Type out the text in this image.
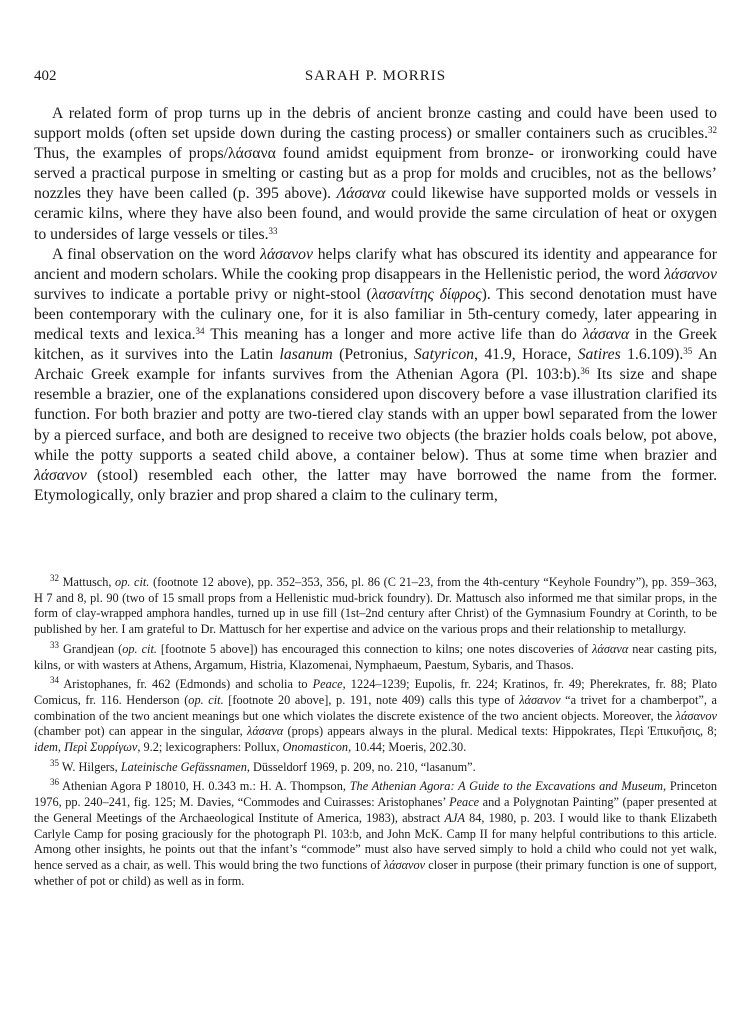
402	SARAH P. MORRIS

A related form of prop turns up in the debris of ancient bronze casting and could have been used to support molds (often set upside down during the casting process) or smaller containers such as crucibles.$^{32}$ Thus, the examples of props/λάσανα found amidst equipment from bronze- or ironworking could have served a practical purpose in smelting or casting but as a prop for molds and crucibles, not as the bellows’ nozzles they have been called (p. 395 above). Λάσανα could likewise have supported molds or vessels in ceramic kilns, where they have also been found, and would provide the same circulation of heat or oxygen to undersides of large vessels or tiles.$^{33}$

A final observation on the word λάσανον helps clarify what has obscured its identity and appearance for ancient and modern scholars. While the cooking prop disappears in the Hellenistic period, the word λάσανον survives to indicate a portable privy or night-stool (λασανίτης δίφρος). This second denotation must have been contemporary with the culinary one, for it is also familiar in 5th-century comedy, later appearing in medical texts and lexica.$^{34}$ This meaning has a longer and more active life than do λάσανα in the Greek kitchen, as it survives into the Latin lasanum (Petronius, Satyricon, 41.9, Horace, Satires 1.6.109).$^{35}$ An Archaic Greek example for infants survives from the Athenian Agora (Pl. 103:b).$^{36}$ Its size and shape resemble a brazier, one of the explanations considered upon discovery before a vase illustration clarified its function. For both brazier and potty are two-tiered clay stands with an upper bowl separated from the lower by a pierced surface, and both are designed to receive two objects (the brazier holds coals below, pot above, while the potty supports a seated child above, a container below). Thus at some time when brazier and λάσανον (stool) resembled each other, the latter may have borrowed the name from the former. Etymologically, only brazier and prop shared a claim to the culinary term,

$^{32}$ Mattusch, op. cit. (footnote 12 above), pp. 352–353, 356, pl. 86 (C 21–23, from the 4th-century “Keyhole Foundry”), pp. 359–363, H 7 and 8, pl. 90 (two of 15 small props from a Hellenistic mud-brick foundry). Dr. Mattusch also informed me that similar props, in the form of clay-wrapped amphora handles, turned up in use fill (1st–2nd century after Christ) of the Gymnasium Foundry at Corinth, to be published by her. I am grateful to Dr. Mattusch for her expertise and advice on the various props and their relationship to metallurgy.

$^{33}$ Grandjean (op. cit. [footnote 5 above]) has encouraged this connection to kilns; one notes discoveries of λάσανα near casting pits, kilns, or with wasters at Athens, Argamum, Histria, Klazomenai, Nymphaeum, Paestum, Sybaris, and Thasos.

$^{34}$ Aristophanes, fr. 462 (Edmonds) and scholia to Peace, 1224–1239; Eupolis, fr. 224; Kratinos, fr. 49; Pherekrates, fr. 88; Plato Comicus, fr. 116. Henderson (op. cit. [footnote 20 above], p. 191, note 409) calls this type of λάσανον “a trivet for a chamberpot”, a combination of the two ancient meanings but one which violates the discrete existence of the two ancient objects. Moreover, the λάσανον (chamber pot) can appear in the singular, λάσανα (props) appears always in the plural. Medical texts: Hippokrates, Περὶ Ἐπικυῆσις, 8; idem, Περὶ Συρρίγων, 9.2; lexicographers: Pollux, Onomasticon, 10.44; Moeris, 202.30.

$^{35}$ W. Hilgers, Lateinische Gefässnamen, Düsseldorf 1969, p. 209, no. 210, “lasanum”.

$^{36}$ Athenian Agora P 18010, H. 0.343 m.: H. A. Thompson, The Athenian Agora: A Guide to the Excavations and Museum, Princeton 1976, pp. 240–241, fig. 125; M. Davies, “Commodes and Cuirasses: Aristophanes’ Peace and a Polygnotan Painting” (paper presented at the General Meetings of the Archaeological Institute of America, 1983), abstract AJA 84, 1980, p. 203. I would like to thank Elizabeth Carlyle Camp for posing graciously for the photograph Pl. 103:b, and John McK. Camp II for many helpful contributions to this article. Among other insights, he points out that the infant’s “commode” must also have served simply to hold a child who could not yet walk, hence served as a chair, as well. This would bring the two functions of λάσανον closer in purpose (their primary function is one of support, whether of pot or child) as well as in form.
